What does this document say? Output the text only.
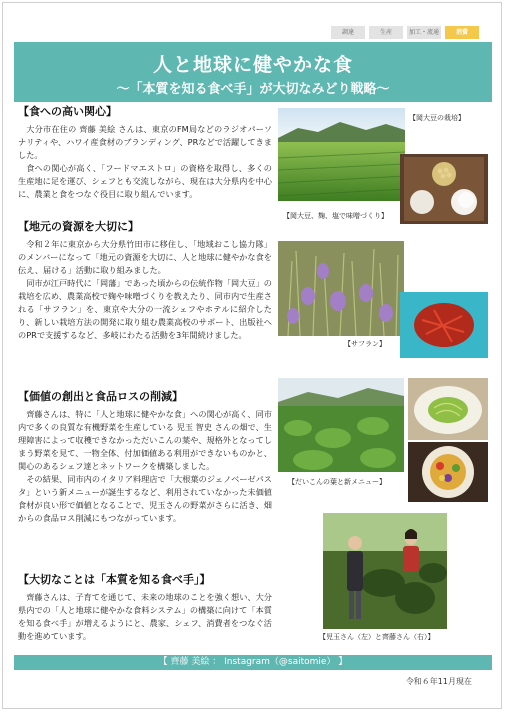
調達	生産	加工・流通	消費
人と地球に健やかな食
～「本質を知る食べ手」が大切なみどり戦略～
【食への高い関心】

大分市在住の 齊藤 美絵 さんは、東京のFM局などのラジオパーソナリティや、ハワイ産食材のブランディング、PRなどで活躍してきました。

食への関心が高く、「フードマエストロ」の資格を取得し、多くの生産地に足を運び、シェフとも交流しながら、現在は大分県内を中心に、農業と食をつなぐ役目に取り組んでいます。

【地元の資源を大切に】

令和２年に東京から大分県竹田市に移住し、「地域おこし協力隊」のメンバーになって「地元の資源を大切に、人と地球に健やかな食を伝え、届ける」活動に取り組みました。

同市が江戸時代に「岡藩」であった頃からの伝統作物「岡大豆」の栽培を広め、農業高校で麹や味噌づくりを教えたり、同市内で生産される「サフラン」を、東京や大分の一流シェフやホテルに紹介したり、新しい栽培方法の開発に取り組む農業高校のサポート、出版社へのPRで支援するなど、多岐にわたる活動を3年間続けました。

【価値の創出と食品ロスの削減】

齊藤さんは、特に「人と地球に健やかな食」への関心が高く、同市内で多くの良質な有機野菜を生産している 児玉 智史 さんの畑で、生理障害によって収穫できなかっただいこんの葉や、規格外となってしまう野菜を見て、一物全体、付加価値ある利用ができないものかと、関心のあるシェフ達とネットワークを構築しました。

その結果、同市内のイタリア料理店で「大根葉のジェノベーゼパスタ」という新メニューが誕生するなど、利用されていなかった未価値食材が良い形で価値となることで、児玉さんの野菜がさらに活き、畑からの食品ロス削減にもつながっています。

【大切なことは「本質を知る食べ手」】

齊藤さんは、子育てを通じて、未来の地球のことを強く想い、大分県内での「人と地球に健やかな食料システム」の構築に向けて「本質を知る食べ手」が増えるようにと、農家、シェフ、消費者をつなぐ活動を進めています。

【岡大豆の栽培】
【岡大豆、麹、塩で味噌づくり】
【サフラン】
【だいこんの葉と新メニュー】
【児玉さん（左）と齊藤さん（右）】
【 齊藤 美絵 ： Instagram（@saitomie） 】
令和６年11月現在
